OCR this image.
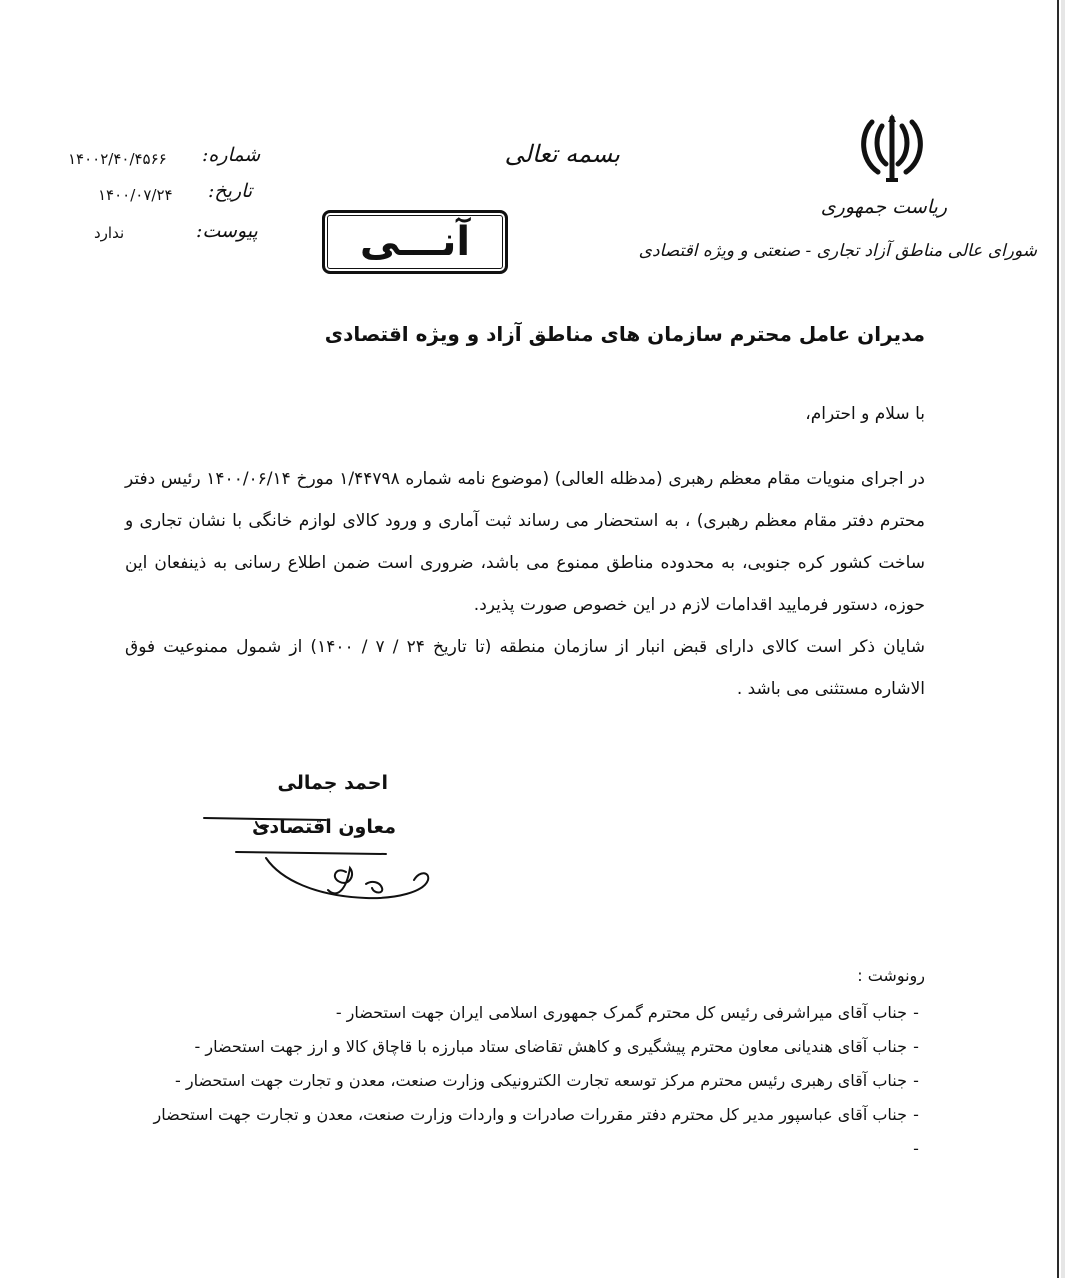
ریاست جمهوری
شورای عالی مناطق آزاد تجاری - صنعتی و ویژه اقتصادی
بسمه تعالی
شماره:
۱۴۰۰۲/۴۰/۴۵۶۶
تاریخ:
۱۴۰۰/۰۷/۲۴
پیوست:
ندارد	آنـــی
مدیران عامل محترم سازمان های مناطق آزاد و ویژه اقتصادی
با سلام و احترام،

در اجرای منویات مقام معظم رهبری (مدظله العالی) (موضوع نامه شماره ۱/۴۴۷۹۸ مورخ ۱۴۰۰/۰۶/۱۴ رئیس دفتر محترم دفتر مقام معظم رهبری) ، به استحضار می رساند ثبت آماری و ورود کالای لوازم خانگی با نشان تجاری و ساخت کشور کره جنوبی، به محدوده مناطق ممنوع می باشد، ضروری است ضمن اطلاع رسانی به ذینفعان این حوزه، دستور فرمایید اقدامات لازم در این خصوص صورت پذیرد.

شایان ذکر است کالای دارای قبض انبار از سازمان منطقه (تا تاریخ ۲۴ / ۷ / ۱۴۰۰) از شمول ممنوعیت فوق الاشاره مستثنی می باشد .

احمد جمالی
معاون اقتصادی
رونوشت :
-
جناب آقای میراشرفی رئیس کل محترم گمرک جمهوری اسلامی ایران جهت استحضار -
-
جناب آقای هندیانی معاون محترم پیشگیری و کاهش تقاضای ستاد مبارزه با قاچاق کالا و ارز جهت استحضار -
-
جناب آقای رهبری رئیس محترم مرکز توسعه تجارت الکترونیکی وزارت صنعت، معدن و تجارت جهت استحضار -
-
جناب آقای عباسپور مدیر کل محترم دفتر مقررات صادرات و واردات وزارت صنعت، معدن و تجارت جهت استحضار
-
